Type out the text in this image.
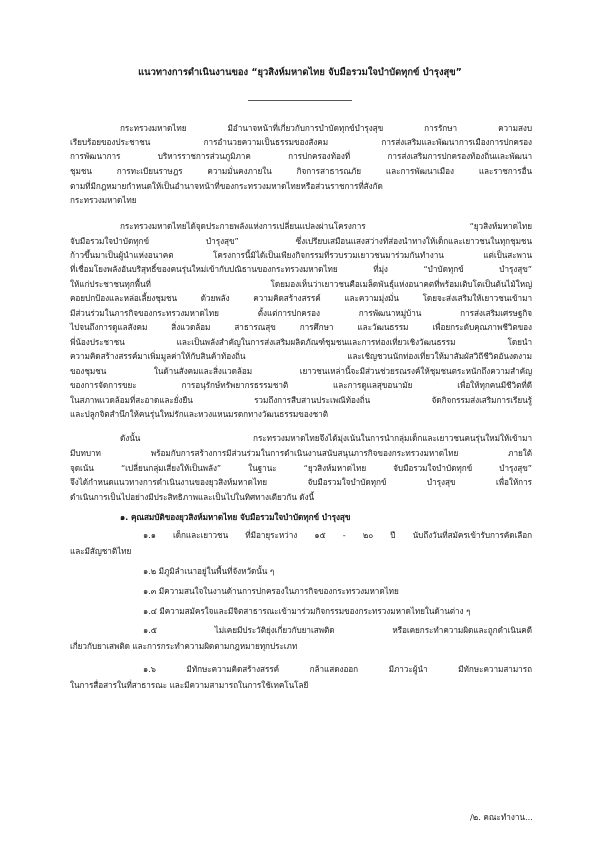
แนวทางการดำเนินงานของ “ยุวสิงห์มหาดไทย จับมือรวมใจบำบัดทุกข์ บำรุงสุข”
กระทรวงมหาดไทย มีอำนาจหน้าที่เกี่ยวกับการบำบัดทุกข์บำรุงสุข การรักษา ความสงบ
เรียบร้อยของประชาชน การอำนวยความเป็นธรรมของสังคม การส่งเสริมและพัฒนาการเมืองการปกครอง
การพัฒนาการ บริหารราชการส่วนภูมิภาค การปกครองท้องที่ การส่งเสริมการปกครองท้องถิ่นและพัฒนา
ชุมชน การทะเบียนราษฎร ความมั่นคงภายใน กิจการสาธารณภัย และการพัฒนาเมือง และราชการอื่น
ตามที่มีกฎหมายกำหนดให้เป็นอำนาจหน้าที่ของกระทรวงมหาดไทยหรือส่วนราชการที่สังกัด
กระทรวงมหาดไทย
กระทรวงมหาดไทยได้จุดประกายพลังแห่งการเปลี่ยนแปลงผ่านโครงการ “ยุวสิงห์มหาดไทย
จับมือรวมใจบำบัดทุกข์ บำรุงสุข” ซึ่งเปรียบเสมือนแสงสว่างที่ส่องนำทางให้เด็กและเยาวชนในทุกชุมชน
ก้าวขึ้นมาเป็นผู้นำแห่งอนาคต โครงการนี้มิได้เป็นเพียงกิจกรรมที่รวบรวมเยาวชนมาร่วมกันทำงาน แต่เป็นสะพาน
ที่เชื่อมโยงพลังอันบริสุทธิ์ของคนรุ่นใหม่เข้ากับปณิธานของกระทรวงมหาดไทย ที่มุ่ง “บำบัดทุกข์ บำรุงสุข”
ให้แก่ประชาชนทุกพื้นที่ โดยมองเห็นว่าเยาวชนคือเมล็ดพันธุ์แห่งอนาคตที่พร้อมเติบโตเป็นต้นไม้ใหญ่
คอยปกป้องและหล่อเลี้ยงชุมชน ด้วยพลัง ความคิดสร้างสรรค์ และความมุ่งมั่น โดยจะส่งเสริมให้เยาวชนเข้ามา
มีส่วนร่วมในภารกิจของกระทรวงมหาดไทย ตั้งแต่การปกครอง การพัฒนาหมู่บ้าน การส่งเสริมเศรษฐกิจ
ไปจนถึงการดูแลสังคม สิ่งแวดล้อม สาธารณสุข การศึกษา และวัฒนธรรม เพื่อยกระดับคุณภาพชีวิตของ
พี่น้องประชาชน และเป็นพลังสำคัญในการส่งเสริมผลิตภัณฑ์ชุมชนและการท่องเที่ยวเชิงวัฒนธรรม โดยนำ
ความคิดสร้างสรรค์มาเพิ่มมูลค่าให้กับสินค้าท้องถิ่น และเชิญชวนนักท่องเที่ยวให้มาสัมผัสวิถีชีวิตอันงดงาม
ของชุมชน ในด้านสังคมและสิ่งแวดล้อม เยาวชนเหล่านี้จะมีส่วนช่วยรณรงค์ให้ชุมชนตระหนักถึงความสำคัญ
ของการจัดการขยะ การอนุรักษ์ทรัพยากรธรรมชาติ และการดูแลสุขอนามัย เพื่อให้ทุกคนมีชีวิตที่ดี
ในสภาพแวดล้อมที่สะอาดและยั่งยืน รวมถึงการสืบสานประเพณีท้องถิ่น จัดกิจกรรมส่งเสริมการเรียนรู้
และปลูกจิตสำนึกให้คนรุ่นใหม่รักและหวงแหนมรดกทางวัฒนธรรมของชาติ
ดังนั้น กระทรวงมหาดไทยจึงได้มุ่งเน้นในการนำกลุ่มเด็กและเยาวชนคนรุ่นใหม่ให้เข้ามา
มีบทบาท พร้อมกับการสร้างการมีส่วนร่วมในการดำเนินงานสนับสนุนภารกิจของกระทรวงมหาดไทย ภายใต้
จุดเน้น “เปลี่ยนกลุ่มเสี่ยงให้เป็นพลัง” ในฐานะ “ยุวสิงห์มหาดไทย จับมือรวมใจบำบัดทุกข์ บำรุงสุข”
จึงได้กำหนดแนวทางการดำเนินงานของยุวสิงห์มหาดไทย จับมือรวมใจบำบัดทุกข์ บำรุงสุข เพื่อให้การ
ดำเนินการเป็นไปอย่างมีประสิทธิภาพและเป็นไปในทิศทางเดียวกัน ดังนี้
๑. คุณสมบัติของยุวสิงห์มหาดไทย จับมือรวมใจบำบัดทุกข์ บำรุงสุข
๑.๑ เด็กและเยาวชน ที่มีอายุระหว่าง ๑๕ - ๒๐ ปี นับถึงวันที่สมัครเข้ารับการคัดเลือก
และมีสัญชาติไทย
๑.๒ มีภูมิลำเนาอยู่ในพื้นที่จังหวัดนั้น ๆ
๑.๓ มีความสนใจในงานด้านการปกครองในภารกิจของกระทรวงมหาดไทย
๑.๔ มีความสมัครใจและมีจิตสาธารณะเข้ามาร่วมกิจกรรมของกระทรวงมหาดไทยในด้านต่าง ๆ
๑.๕ ไม่เคยมีประวัติยุ่งเกี่ยวกับยาเสพติด หรือเคยกระทำความผิดและถูกดำเนินคดี
เกี่ยวกับยาเสพติด และการกระทำความผิดตามกฎหมายทุกประเภท
๑.๖ มีทักษะความคิดสร้างสรรค์ กล้าแสดงออก มีภาวะผู้นำ มีทักษะความสามารถ
ในการสื่อสารในที่สาธารณะ และมีความสามารถในการใช้เทคโนโลยี
/๒. คณะทำงาน...
